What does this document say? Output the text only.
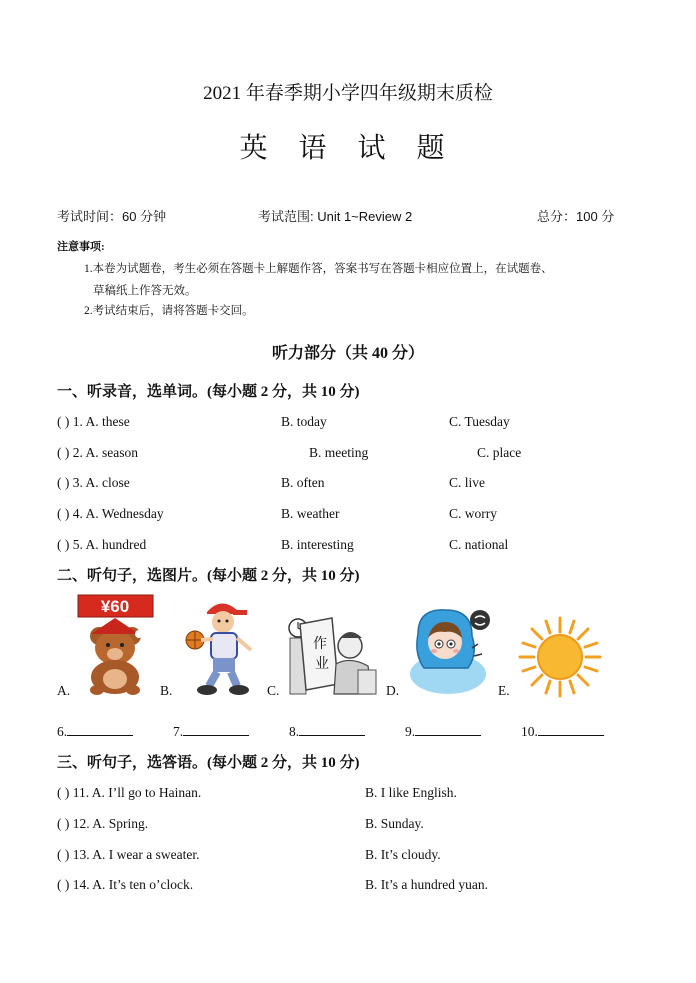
2021 年春季期小学四年级期末质检
英 语 试 题
考试时间：60 分钟	考试范围: Unit 1~Review 2	总分：100 分
注意事项:
1.本卷为试题卷，考生必须在答题卡上解题作答，答案书写在答题卡相应位置上，在试题卷、
草稿纸上作答无效。
2.考试结束后，请将答题卡交回。
听力部分（共 40 分）
一、听录音，选单词。(每小题 2 分，共 10 分)
( ) 1. A. these	B. today	C. Tuesday
( ) 2. A. season	B. meeting	C. place
( ) 3. A. close	B. often	C. live
( ) 4. A. Wednesday	B. weather	C. worry
( ) 5. A. hundred	B. interesting	C. national
二、听句子，选图片。(每小题 2 分，共 10 分)
¥60
A.	B.
作
业
C.	D.	E.
6.	7.	8.	9.	10.
三、听句子，选答语。(每小题 2 分，共 10 分)
( ) 11. A. I’ll go to Hainan.	B. I like English.
( ) 12. A. Spring.	B. Sunday.
( ) 13. A. I wear a sweater.	B. It’s cloudy.
( ) 14. A. It’s ten o’clock.	B. It’s a hundred yuan.
